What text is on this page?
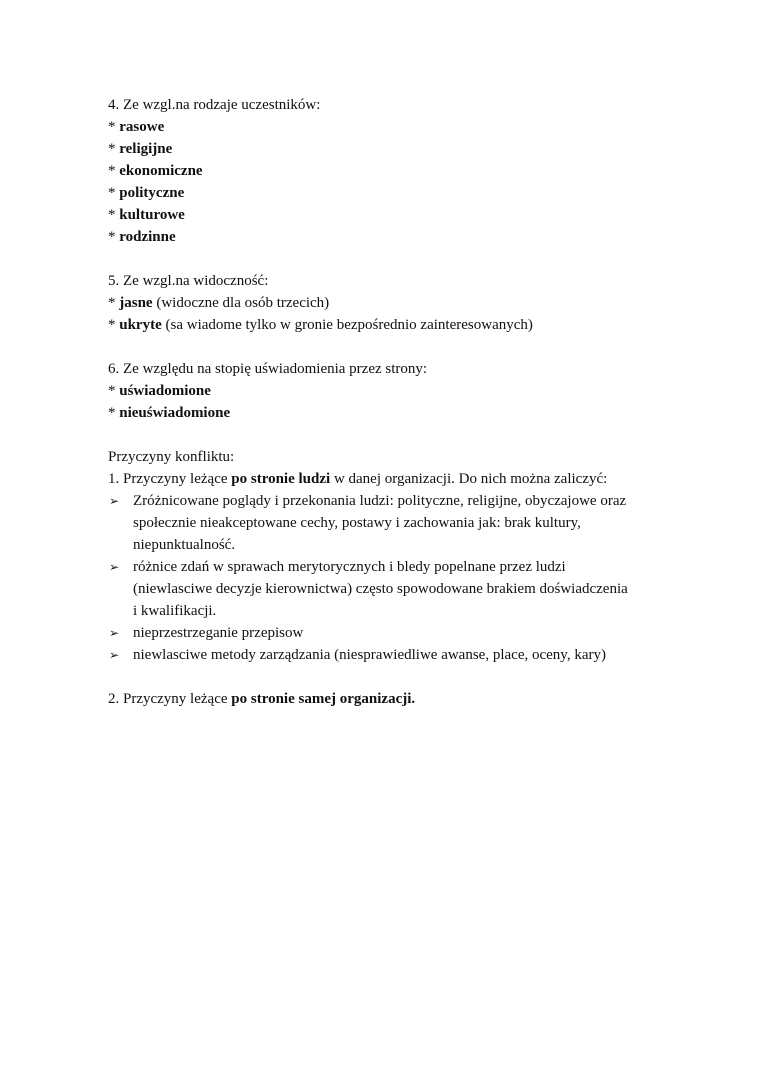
4. Ze wzgl.na rodzaje uczestników:
* rasowe
* religijne
* ekonomiczne
* polityczne
* kulturowe
* rodzinne
5. Ze wzgl.na widoczność:
* jasne (widoczne dla osób trzecich)
* ukryte (sa wiadome tylko w gronie bezpośrednio zainteresowanych)
6. Ze względu na stopię uświadomienia przez strony:
* uświadomione
* nieuświadomione
Przyczyny konfliktu:
1. Przyczyny leżące po stronie ludzi w danej organizacji. Do nich można zaliczyć:
➢ Zróżnicowane poglądy i przekonania ludzi: polityczne, religijne, obyczajowe oraz
społecznie nieakceptowane cechy, postawy i zachowania jak: brak kultury,
niepunktualność.
➢ różnice zdań w sprawach merytorycznych i bledy popelnane przez ludzi
(niewlasciwe decyzje kierownictwa) często spowodowane brakiem doświadczenia
i kwalifikacji.
➢ nieprzestrzeganie przepisow
➢ niewlasciwe metody zarządzania (niesprawiedliwe awanse, place, oceny, kary)
2. Przyczyny leżące po stronie samej organizacji.
